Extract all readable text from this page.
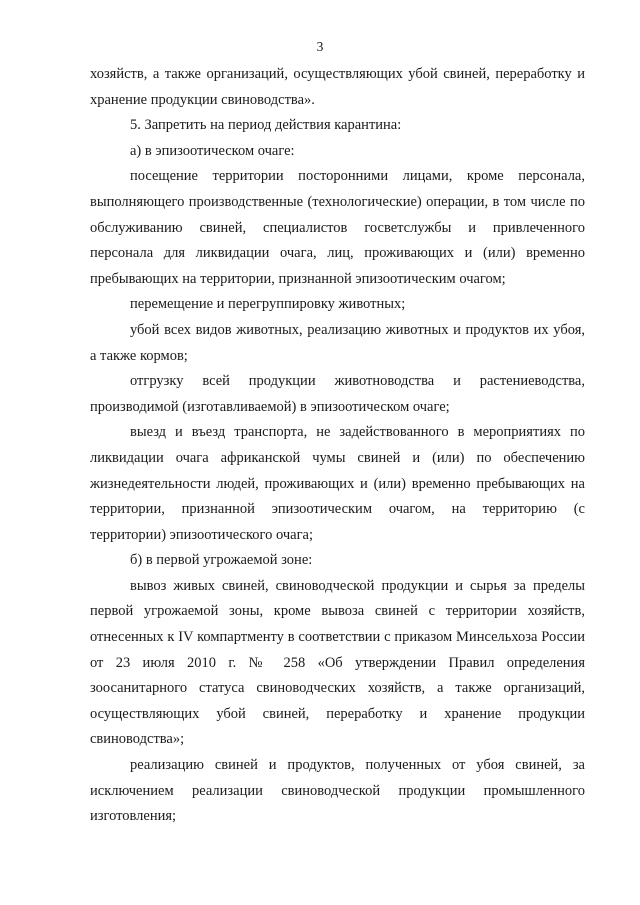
3

хозяйств, а также организаций, осуществляющих убой свиней, переработку и хранение продукции свиноводства».

5. Запретить на период действия карантина:

а) в эпизоотическом очаге:

посещение территории посторонними лицами, кроме персонала, выполняющего производственные (технологические) операции, в том числе по обслуживанию свиней, специалистов госветслужбы и привлеченного персонала для ликвидации очага, лиц, проживающих и (или) временно пребывающих на территории, признанной эпизоотическим очагом;

перемещение и перегруппировку животных;

убой всех видов животных, реализацию животных и продуктов их убоя, а также кормов;

отгрузку всей продукции животноводства и растениеводства, производимой (изготавливаемой) в эпизоотическом очаге;

выезд и въезд транспорта, не задействованного в мероприятиях по ликвидации очага африканской чумы свиней и (или) по обеспечению жизнедеятельности людей, проживающих и (или) временно пребывающих на территории, признанной эпизоотическим очагом, на территорию (с территории) эпизоотического очага;

б) в первой угрожаемой зоне:

вывоз живых свиней, свиноводческой продукции и сырья за пределы первой угрожаемой зоны, кроме вывоза свиней с территории хозяйств, отнесенных к IV компартменту в соответствии с приказом Минсельхоза России от 23 июля 2010 г. № 258 «Об утверждении Правил определения зоосанитарного статуса свиноводческих хозяйств, а также организаций, осуществляющих убой свиней, переработку и хранение продукции свиноводства»;

реализацию свиней и продуктов, полученных от убоя свиней, за исключением реализации свиноводческой продукции промышленного изготовления;
